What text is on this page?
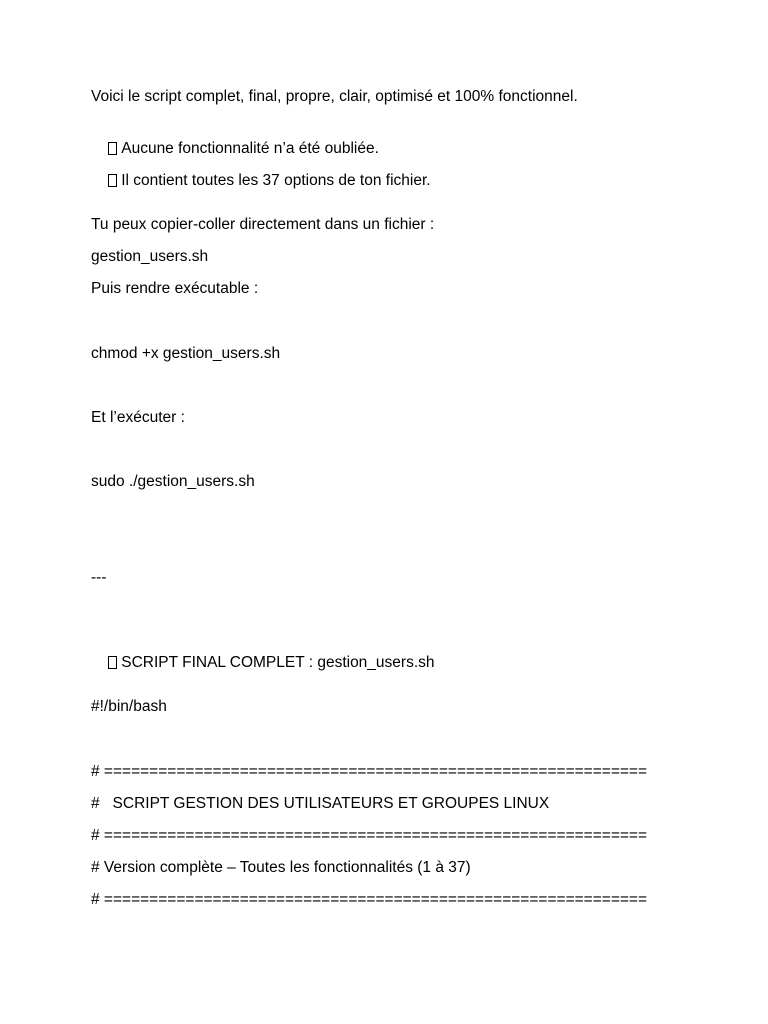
Voici le script complet, final, propre, clair, optimisé et 100% fonctionnel.

Aucune fonctionnalité n’a été oubliée.

Il contient toutes les 37 options de ton fichier.

Tu peux copier-coller directement dans un fichier :
gestion_users.sh
Puis rendre exécutable :
chmod +x gestion_users.sh
Et l’exécuter :
sudo ./gestion_users.sh
---

SCRIPT FINAL COMPLET : gestion_users.sh

#!/bin/bash
# ============================================================
#   SCRIPT GESTION DES UTILISATEURS ET GROUPES LINUX
# ============================================================
# Version complète – Toutes les fonctionnalités (1 à 37)
# ============================================================
